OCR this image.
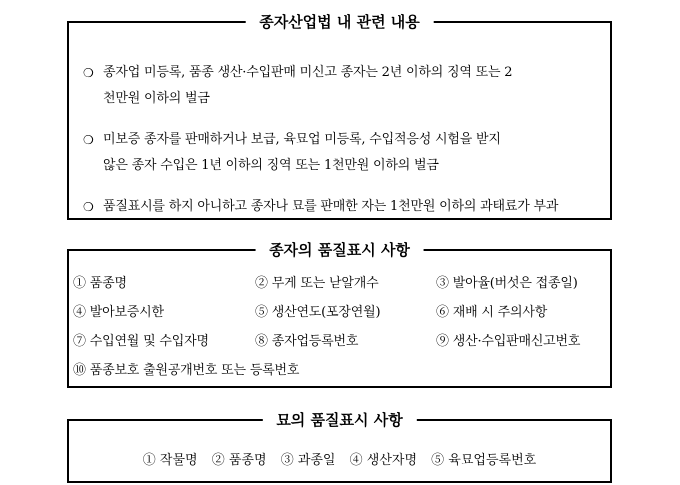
종자산업법 내 관련 내용
❍ 종자업 미등록, 품종 생산·수입판매 미신고 종자는 2년 이하의 징역 또는 2
천만원 이하의 벌금
❍ 미보증 종자를 판매하거나 보급, 육묘업 미등록, 수입적응성 시험을 받지
않은 종자 수입은 1년 이하의 징역 또는 1천만원 이하의 벌금
❍ 품질표시를 하지 아니하고 종자나 묘를 판매한 자는 1천만원 이하의 과태료가 부과
종자의 품질표시 사항
① 품종명	② 무게 또는 낟알개수	③ 발아율(버섯은 접종일)
④ 발아보증시한	⑤ 생산연도(포장연월)	⑥ 재배 시 주의사항
⑦ 수입연월 및 수입자명	⑧ 종자업등록번호	⑨ 생산·수입판매신고번호
⑩ 품종보호 출원공개번호 또는 등록번호
묘의 품질표시 사항
① 작물명 ② 품종명 ③ 과종일 ④ 생산자명 ⑤ 육묘업등록번호
